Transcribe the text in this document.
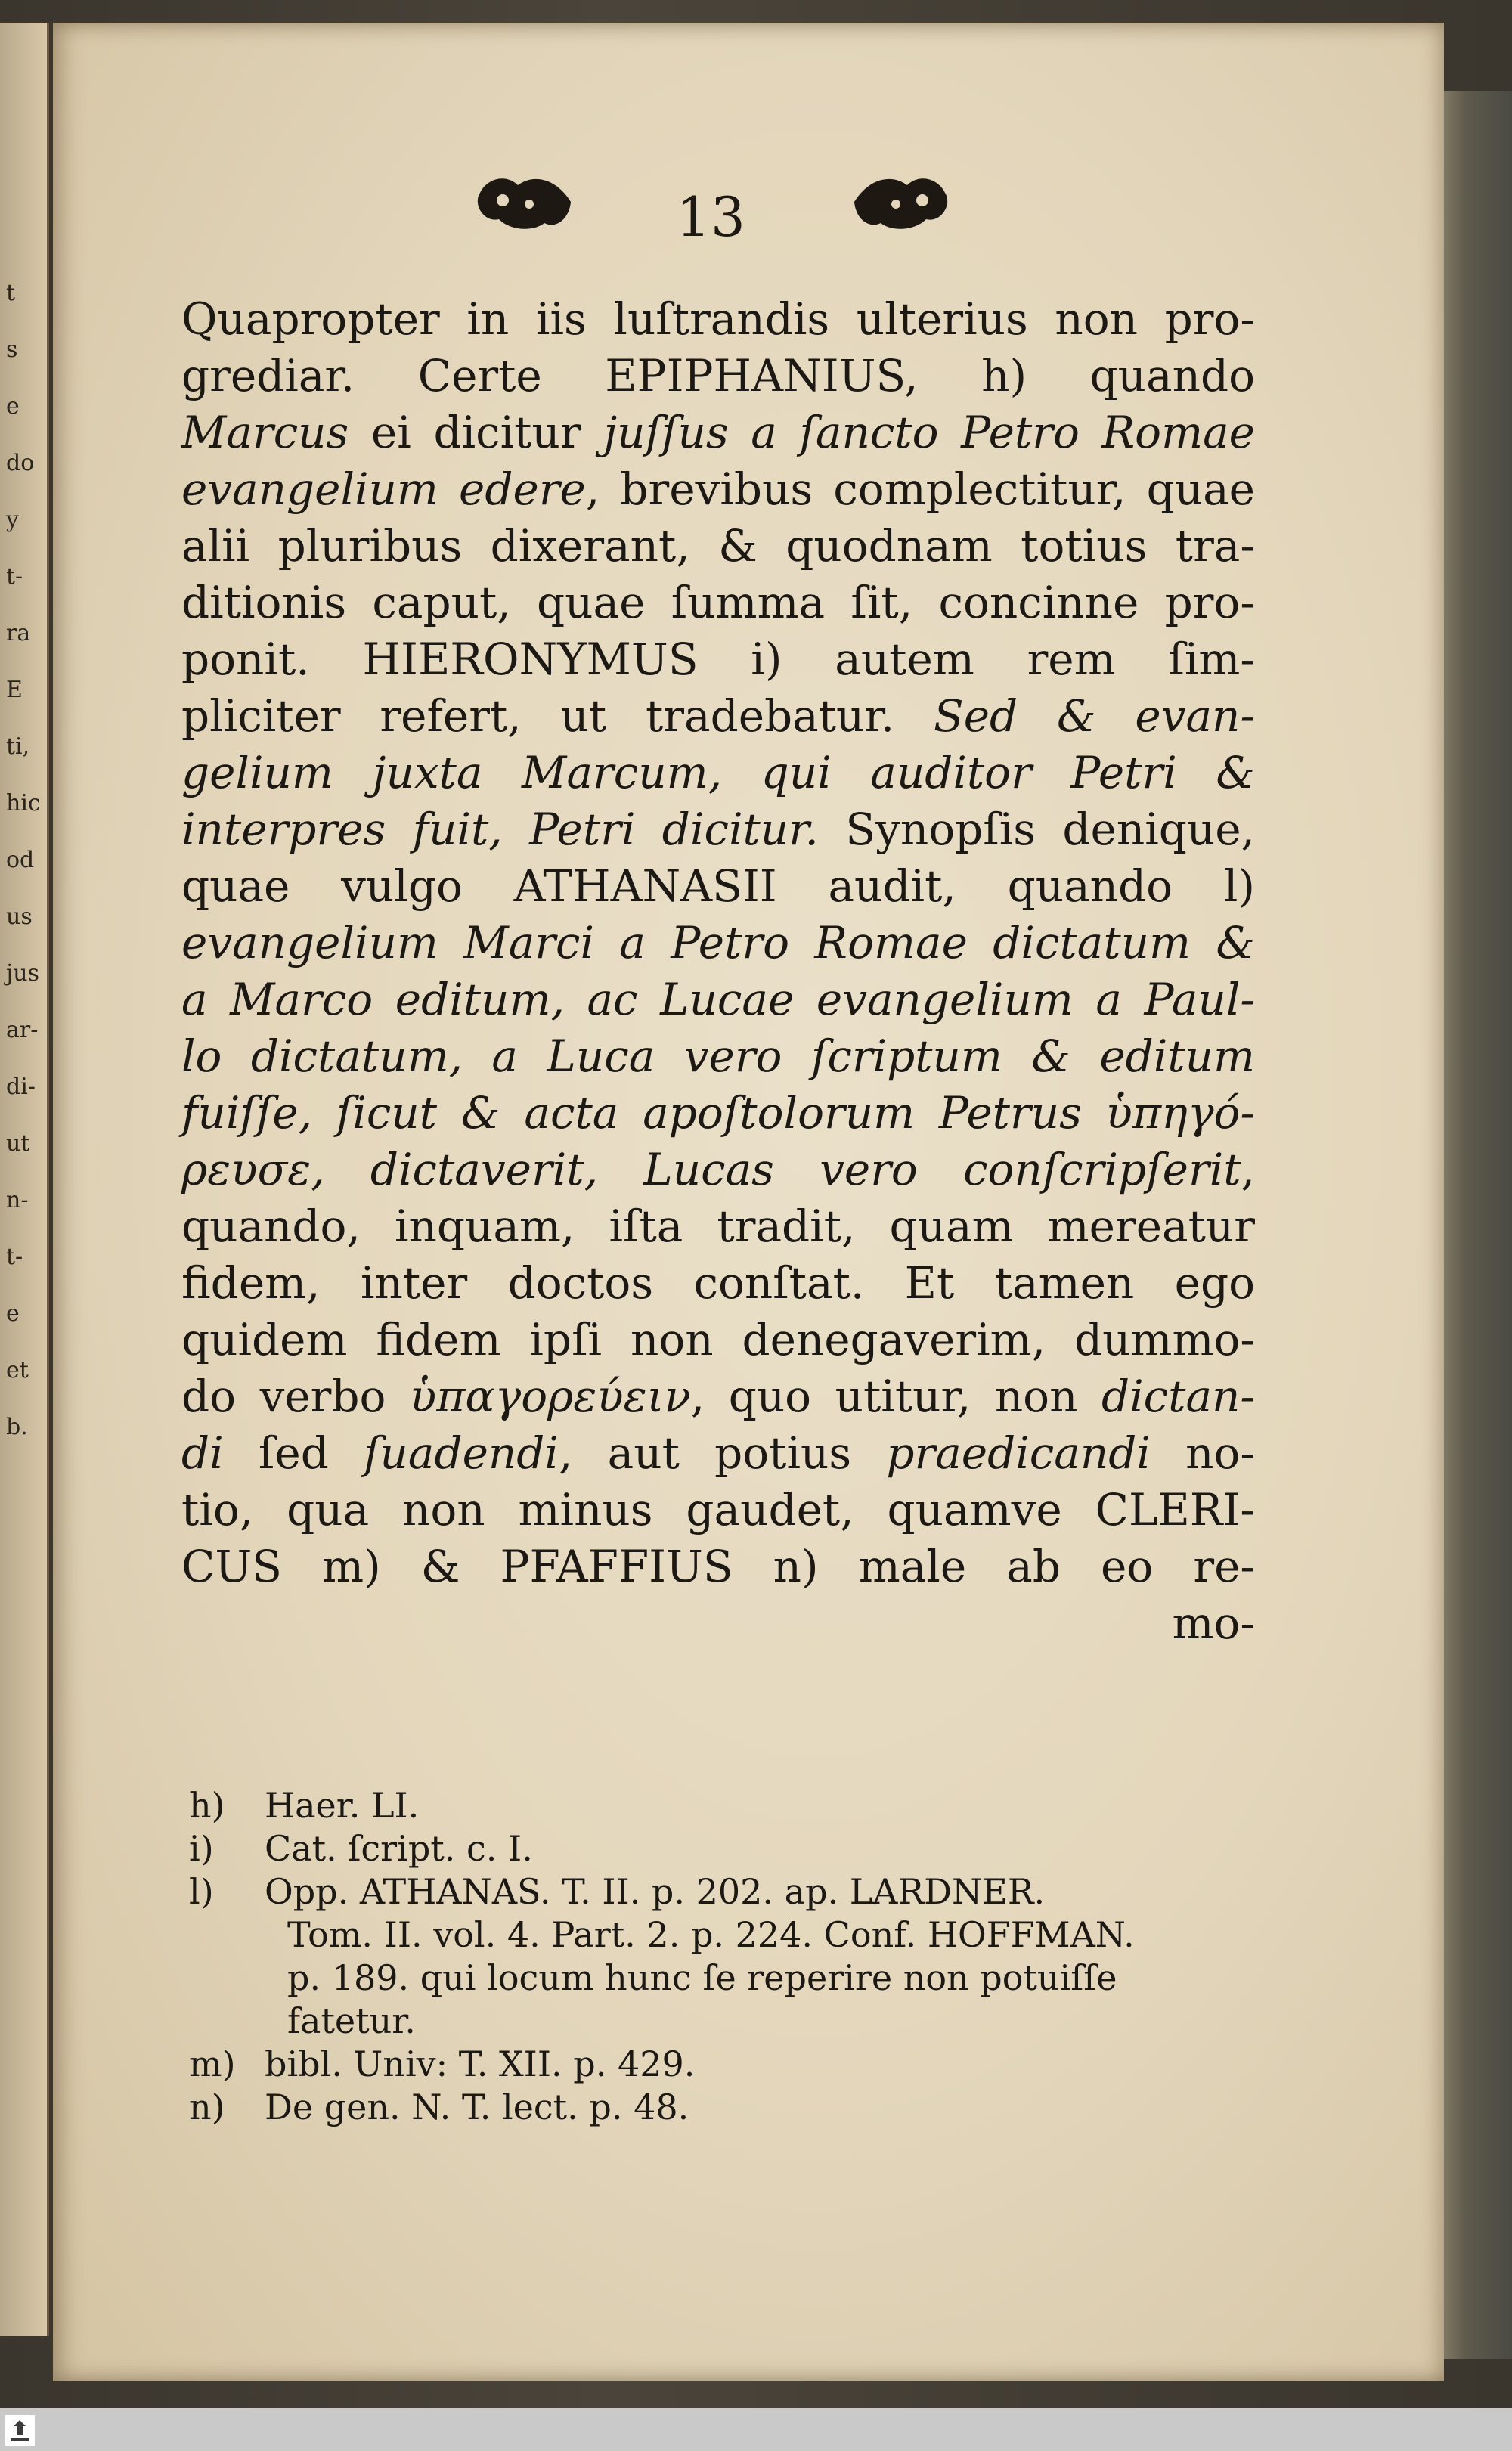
t
s
e
do
y
t-
ra
E
ti,
hic
od
us
jus
ar-
di-
ut
n-
t-
e
et
b.
13
Quapropter in iis luſtrandis ulterius non pro-
grediar. Certe EPIPHANIUS, h) quando
Marcus ei dicitur juſſus a ſancto Petro Romae
evangelium edere, brevibus complectitur, quae
alii pluribus dixerant, & quodnam totius tra-
ditionis caput, quae ſumma ſit, concinne pro-
ponit. HIERONYMUS i) autem rem ſim-
pliciter refert, ut tradebatur. Sed & evan-
gelium juxta Marcum, qui auditor Petri &
interpres fuit, Petri dicitur. Synopſis denique,
quae vulgo ATHANASII audit, quando l)
evangelium Marci a Petro Romae dictatum &
a Marco editum, ac Lucae evangelium a Paul-
lo dictatum, a Luca vero ſcriptum & editum
fuiſſe, ſicut & acta apoſtolorum Petrus ὑπηγό-
ρευσε, dictaverit, Lucas vero conſcripſerit,
quando, inquam, iſta tradit, quam mereatur
fidem, inter doctos conſtat. Et tamen ego
quidem fidem ipſi non denegaverim, dummo-
do verbo ὑπαγορεύειν, quo utitur, non dictan-
di ſed ſuadendi, aut potius praedicandi no-
tio, qua non minus gaudet, quamve CLERI-
CUS m) & PFAFFIUS n) male ab eo re-
mo-
h) Haer. LI.
i) Cat. ſcript. c. I.
l) Opp. ATHANAS. T. II. p. 202. ap. LARDNER.
Tom. II. vol. 4. Part. 2. p. 224. Conf. HOFFMAN.
p. 189. qui locum hunc ſe reperire non potuiſſe
fatetur.
m) bibl. Univ: T. XII. p. 429.
n) De gen. N. T. lect. p. 48.
